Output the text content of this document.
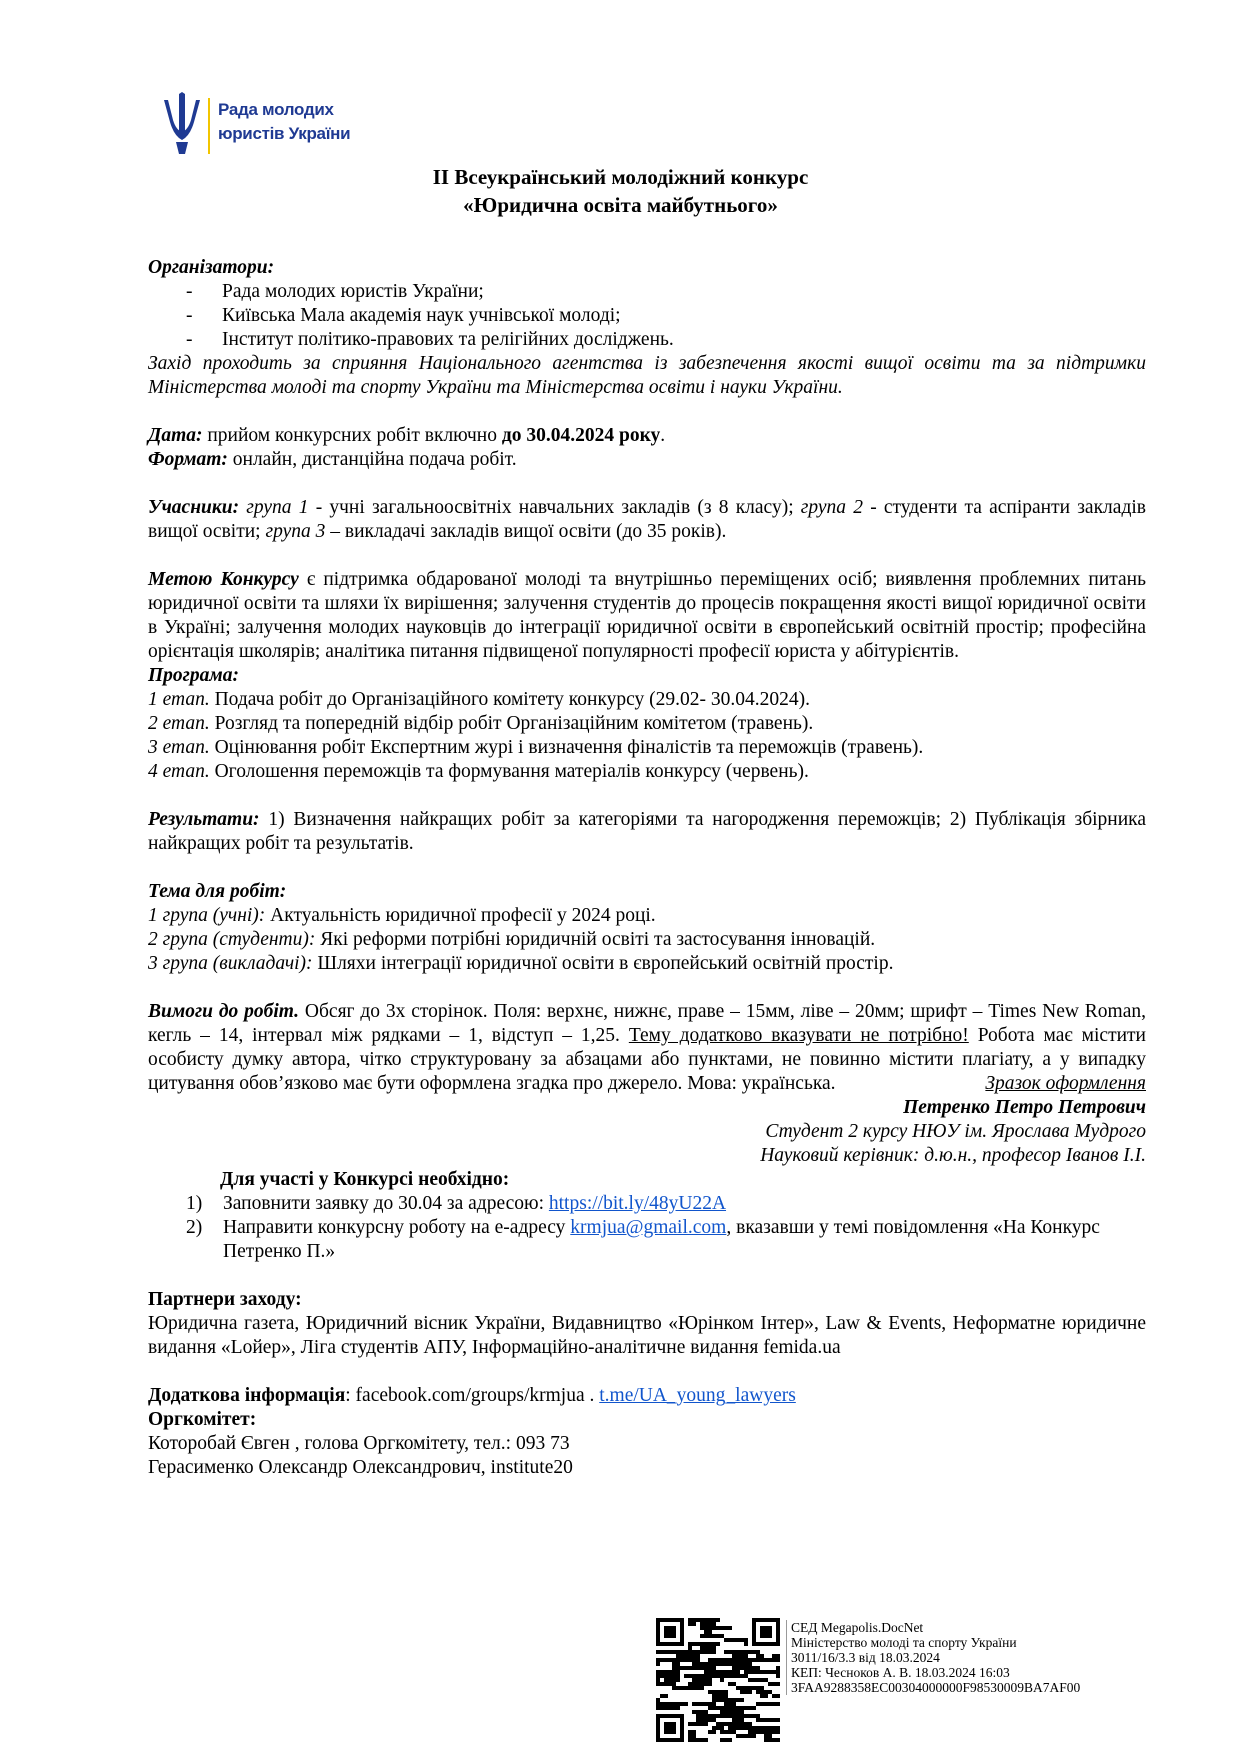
Рада молодих
юристів України
ІІ Всеукраїнський молодіжний конкурс
«Юридична освіта майбутнього»

Організатори:

- Рада молодих юристів України;
- Київська Мала академія наук учнівської молоді;
- Інститут політико-правових та релігійних досліджень.

Захід проходить за сприяння Національного агентства із забезпечення якості вищої освіти та за підтримки Міністерства молоді та спорту України та Міністерства освіти і науки України.

Дата: прийом конкурсних робіт включно до 30.04.2024 року.

Формат: онлайн, дистанційна подача робіт.

Учасники: група 1 - учні загальноосвітніх навчальних закладів (з 8 класу); група 2 - студенти та аспіранти закладів вищої освіти; група 3 – викладачі закладів вищої освіти (до 35 років).

Метою Конкурсу є підтримка обдарованої молоді та внутрішньо переміщених осіб; виявлення проблемних питань юридичної освіти та шляхи їх вирішення; залучення студентів до процесів покращення якості вищої юридичної освіти в Україні; залучення молодих науковців до інтеграції юридичної освіти в європейський освітній простір; професійна орієнтація школярів; аналітика питання підвищеної популярності професії юриста у абітурієнтів.

Програма:

1 етап. Подача робіт до Організаційного комітету конкурсу (29.02- 30.04.2024).

2 етап. Розгляд та попередній відбір робіт Організаційним комітетом (травень).

3 етап. Оцінювання робіт Експертним журі і визначення фіналістів та переможців (травень).

4 етап. Оголошення переможців та формування матеріалів конкурсу (червень).

Результати: 1) Визначення найкращих робіт за категоріями та нагородження переможців; 2) Публікація збірника найкращих робіт та результатів.

Тема для робіт:

1 група (учні): Актуальність юридичної професії у 2024 році.

2 група (студенти): Які реформи потрібні юридичній освіті та застосування інновацій.

3 група (викладачі): Шляхи інтеграції юридичної освіти в європейський освітній простір.

Вимоги до робіт. Обсяг до 3х сторінок. Поля: верхнє, нижнє, праве – 15мм, ліве – 20мм; шрифт – Times New Roman, кегль – 14, інтервал між рядками – 1, відступ – 1,25. Тему додатково вказувати не потрібно! Робота має містити особисту думку автора, чітко структуровану за абзацами або пунктами, не повинно містити плагіату, а у випадку цитування обов’язково має бути оформлена згадка про джерело. Мова: українська.	Зразок оформлення

Петренко Петро Петрович

Студент 2 курсу НЮУ ім. Ярослава Мудрого

Науковий керівник: д.ю.н., професор Іванов І.І.

Для участі у Конкурсі необхідно:

1) Заповнити заявку до 30.04 за адресою: https://bit.ly/48yU22A
2) Направити конкурсну роботу на е-адресу krmjua@gmail.com, вказавши у темі повідомлення «На Конкурс Петренко П.»

Партнери заходу:

Юридична газета, Юридичний вісник України, Видавництво «Юрінком Інтер», Law & Events, Неформатне юридичне видання «Lойер», Ліга студентів АПУ, Інформаційно-аналітичне видання femida.ua

Додаткова інформація: facebook.com/groups/krmjua . t.me/UA_young_lawyers

Оргкомітет:

Которобай Євген , голова Оргкомітету, тел.: 093 73

Герасименко Олександр Олександрович, institute20

СЕД Megapolis.DocNet
Міністерство молоді та спорту України
3011/16/3.3 від 18.03.2024
КЕП: Чесноков А. В. 18.03.2024 16:03
3FAA9288358EC00304000000F98530009BA7AF00
